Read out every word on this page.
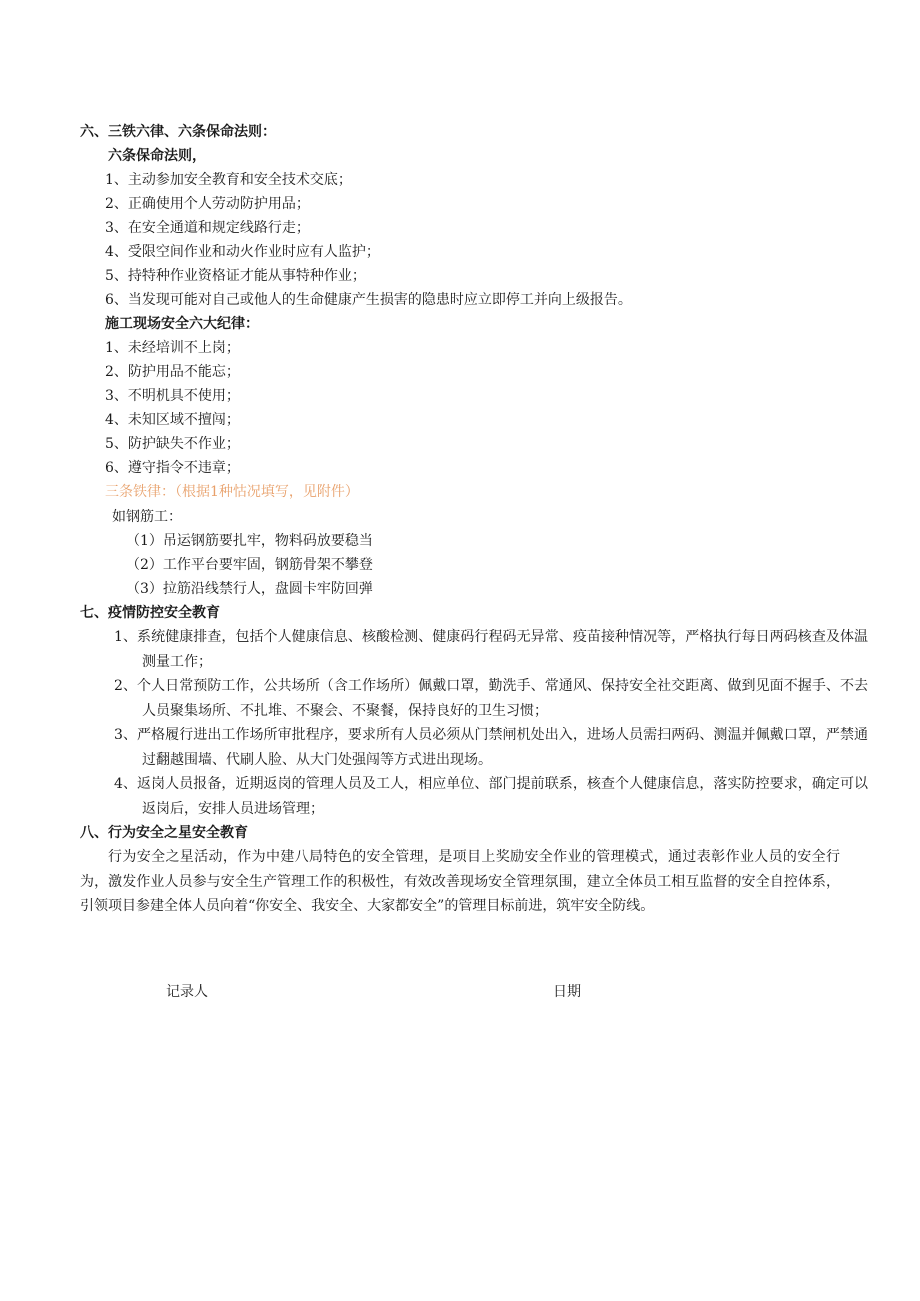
六、三铁六律、六条保命法则：
六条保命法则，
1、主动参加安全教育和安全技术交底；
2、正确使用个人劳动防护用品；
3、在安全通道和规定线路行走；
4、受限空间作业和动火作业时应有人监护；
5、持特种作业资格证才能从事特种作业；
6、当发现可能对自己或他人的生命健康产生损害的隐患时应立即停工并向上级报告。
施工现场安全六大纪律：
1、未经培训不上岗；
2、防护用品不能忘；
3、不明机具不使用；
4、未知区域不擅闯；
5、防护缺失不作业；
6、遵守指令不违章；
三条铁律：（根据1种怙况填写，见附件）
如钢筋工：
（1）吊运钢筋要扎牢，物料码放要稳当
（2）工作平台要牢固，钢筋骨架不攀登
（3）拉筋沿线禁行人，盘圆卡牢防回弹
七、疫情防控安全教育
1、系统健康排查，包括个人健康信息、核酸检测、健康码行程码无异常、疫苗接种情况等，严格执行每日两码核查及体温测量工作；
2、个人日常预防工作，公共场所（含工作场所）佩戴口罩，勤洗手、常通风、保持安全社交距离、做到见面不握手、不去人员聚集场所、不扎堆、不聚会、不聚餐，保持良好的卫生习惯；
3、严格履行进出工作场所审批程序，要求所有人员必须从门禁闸机处出入，进场人员需扫两码、测温并佩戴口罩，严禁通过翻越围墙、代刷人脸、从大门处强闯等方式进出现场。
4、返岗人员报备，近期返岗的管理人员及工人，相应单位、部门提前联系，核查个人健康信息，落实防控要求，确定可以返岗后，安排人员进场管理；
八、行为安全之星安全教育
行为安全之星活动，作为中建八局特色的安全管理，是项目上奖励安全作业的管理模式，通过表彰作业人员的安全行为，激发作业人员参与安全生产管理工作的积极性，有效改善现场安全管理氛围，建立全体员工相互监督的安全自控体系，引领项目参建全体人员向着“你安全、我安全、大家都安全”的管理目标前进，筑牢安全防线。
记录人	日期
